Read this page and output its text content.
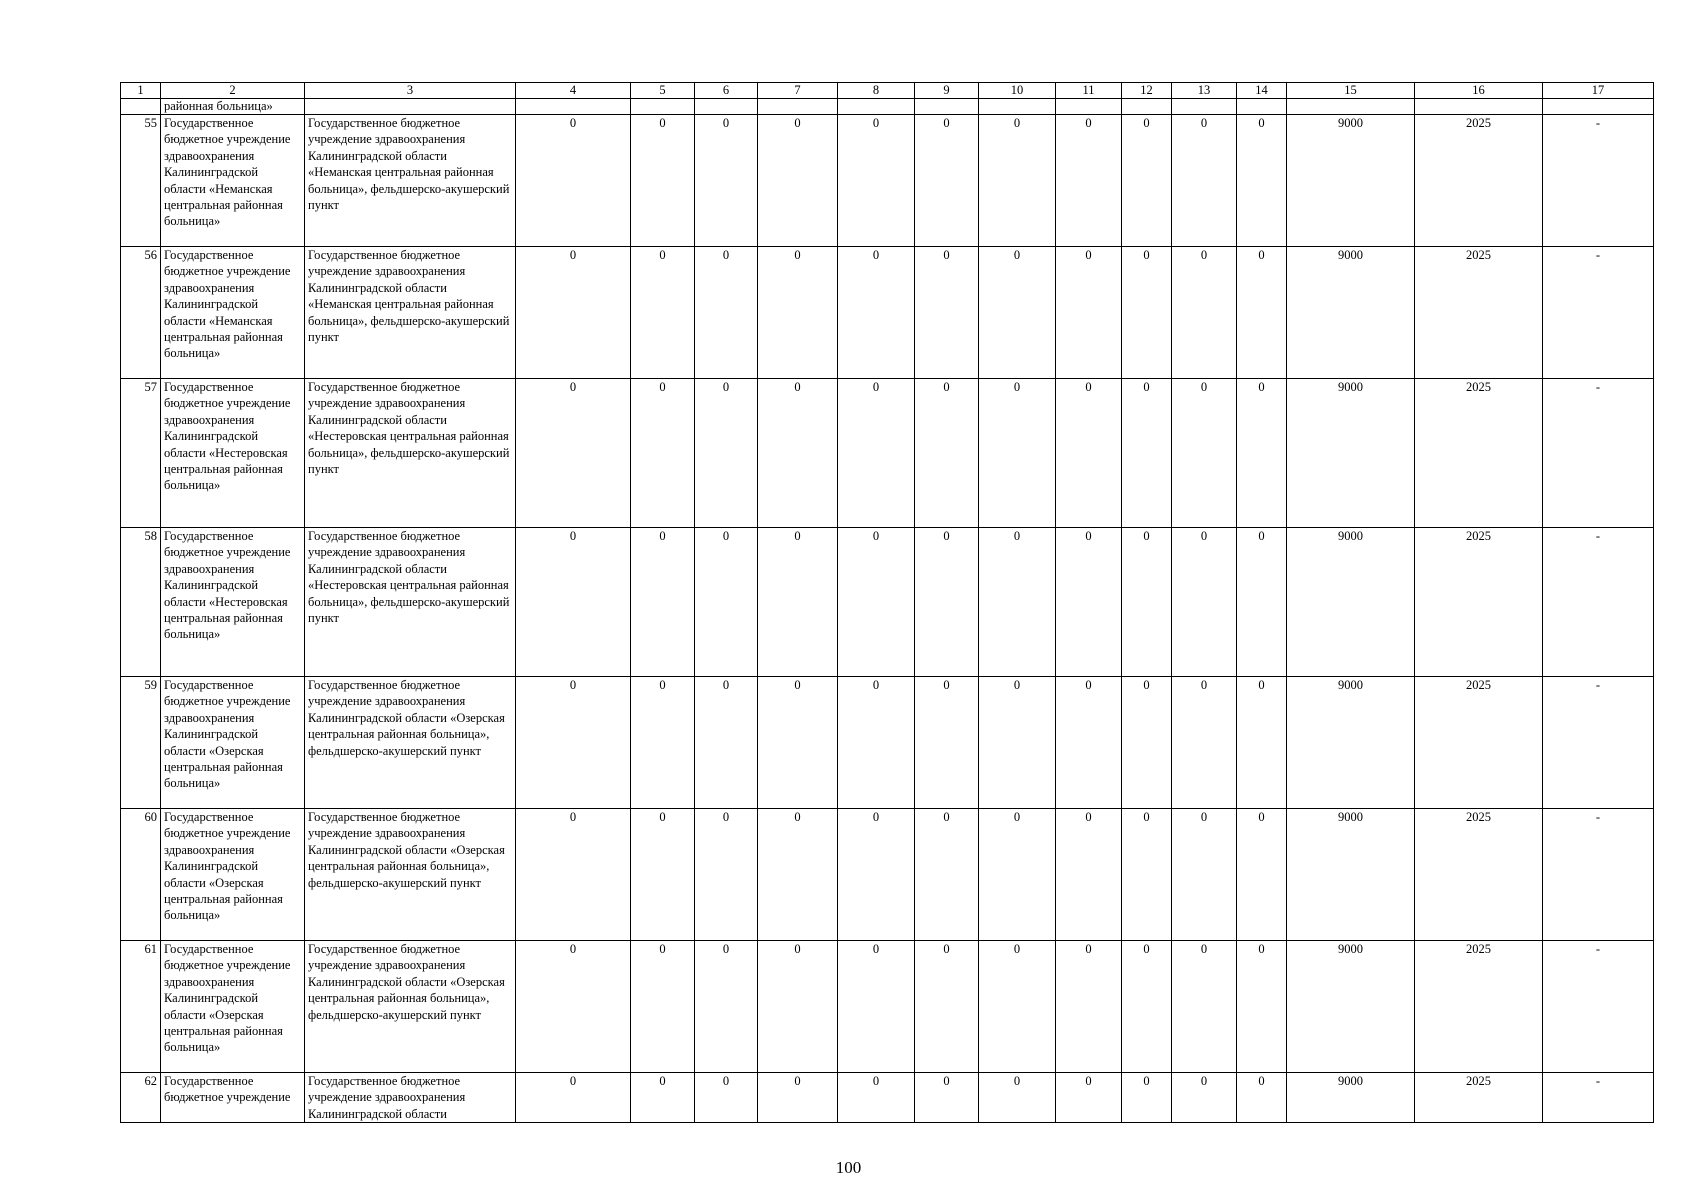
1	2	3	4	5	6	7	8	9	10	11	12	13	14	15	16	17
	районная больница»															
55	Государственное бюджетное учреждение здравоохранения Калининградской области «Неманская центральная районная больница»	Государственное бюджетное учреждение здравоохранения Калининградской области «Неманская центральная районная больница», фельдшерско-акушерский пункт	0	0	0	0	0	0	0	0	0	0	0	9000	2025	-
56	Государственное бюджетное учреждение здравоохранения Калининградской области «Неманская центральная районная больница»	Государственное бюджетное учреждение здравоохранения Калининградской области «Неманская центральная районная больница», фельдшерско-акушерский пункт	0	0	0	0	0	0	0	0	0	0	0	9000	2025	-
57	Государственное бюджетное учреждение здравоохранения Калининградской области «Нестеровская центральная районная больница»	Государственное бюджетное учреждение здравоохранения Калининградской области «Нестеровская центральная районная больница», фельдшерско-акушерский пункт	0	0	0	0	0	0	0	0	0	0	0	9000	2025	-
58	Государственное бюджетное учреждение здравоохранения Калининградской области «Нестеровская центральная районная больница»	Государственное бюджетное учреждение здравоохранения Калининградской области «Нестеровская центральная районная больница», фельдшерско-акушерский пункт	0	0	0	0	0	0	0	0	0	0	0	9000	2025	-
59	Государственное бюджетное учреждение здравоохранения Калининградской области «Озерская центральная районная больница»	Государственное бюджетное учреждение здравоохранения Калининградской области «Озерская центральная районная больница», фельдшерско-акушерский пункт	0	0	0	0	0	0	0	0	0	0	0	9000	2025	-
60	Государственное бюджетное учреждение здравоохранения Калининградской области «Озерская центральная районная больница»	Государственное бюджетное учреждение здравоохранения Калининградской области «Озерская центральная районная больница», фельдшерско-акушерский пункт	0	0	0	0	0	0	0	0	0	0	0	9000	2025	-
61	Государственное бюджетное учреждение здравоохранения Калининградской области «Озерская центральная районная больница»	Государственное бюджетное учреждение здравоохранения Калининградской области «Озерская центральная районная больница», фельдшерско-акушерский пункт	0	0	0	0	0	0	0	0	0	0	0	9000	2025	-
62	Государственное бюджетное учреждение	Государственное бюджетное учреждение здравоохранения Калининградской области	0	0	0	0	0	0	0	0	0	0	0	9000	2025	-
100
